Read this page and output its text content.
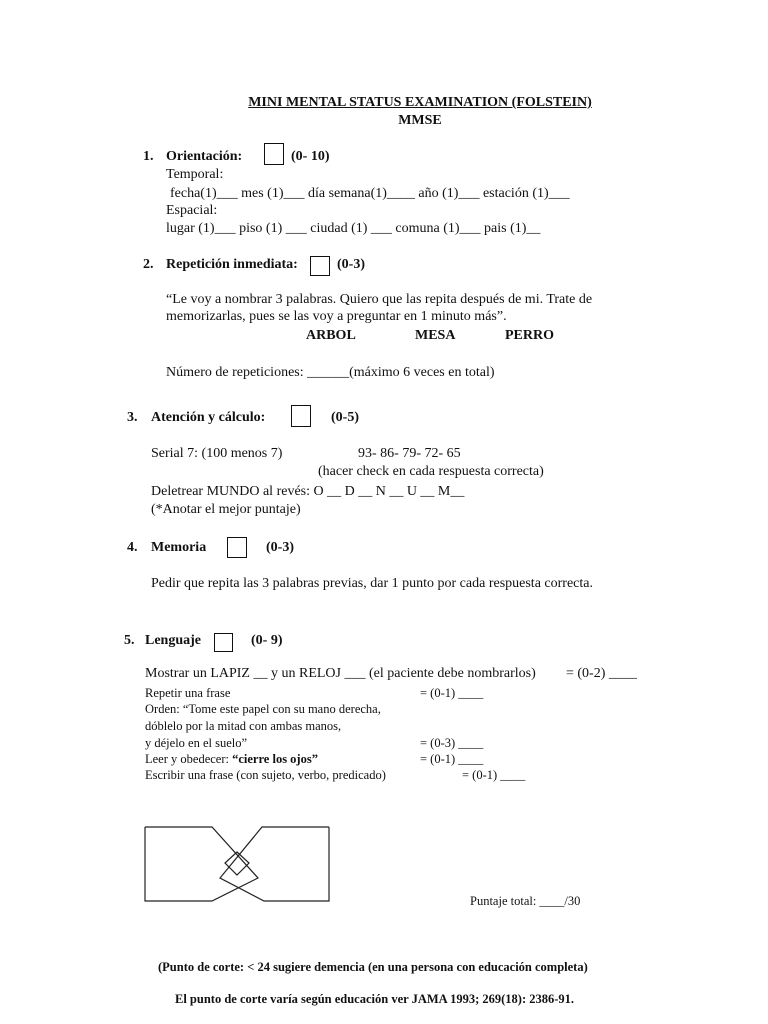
MINI MENTAL STATUS EXAMINATION (FOLSTEIN)
MMSE
1. Orientación:	(0- 10)
Temporal:
fecha(1)___ mes (1)___ día semana(1)____ año (1)___ estación (1)___
Espacial:
lugar (1)___ piso (1) ___ ciudad (1) ___ comuna (1)___ pais (1)__
2. Repetición inmediata:	(0-3)
“Le voy a nombrar 3 palabras. Quiero que las repita después de mi. Trate de
memorizarlas, pues se las voy a preguntar en 1 minuto más”.
ARBOL	MESA	PERRO
Número de repeticiones: ______(máximo 6 veces en total)
3. Atención y cálculo:	(0-5)
Serial 7: (100 menos 7)	93- 86- 79- 72- 65
(hacer check en cada respuesta correcta)
Deletrear MUNDO al revés: O __ D __ N __ U __ M__
(*Anotar el mejor puntaje)
4. Memoria	(0-3)
Pedir que repita las 3 palabras previas, dar 1 punto por cada respuesta correcta.
5. Lenguaje	(0- 9)
Mostrar un LAPIZ __ y un RELOJ ___ (el paciente debe nombrarlos) = (0-2) ____
Repetir una frase	= (0-1) ____
Orden: “Tome este papel con su mano derecha,
dóblelo por la mitad con ambas manos,
y déjelo en el suelo”	= (0-3) ____
Leer y obedecer: “cierre los ojos”	= (0-1) ____
Escribir una frase (con sujeto, verbo, predicado)	= (0-1) ____
Puntaje total: ____/30
(Punto de corte: < 24 sugiere demencia (en una persona con educación completa)
El punto de corte varía según educación ver JAMA 1993; 269(18): 2386-91.
